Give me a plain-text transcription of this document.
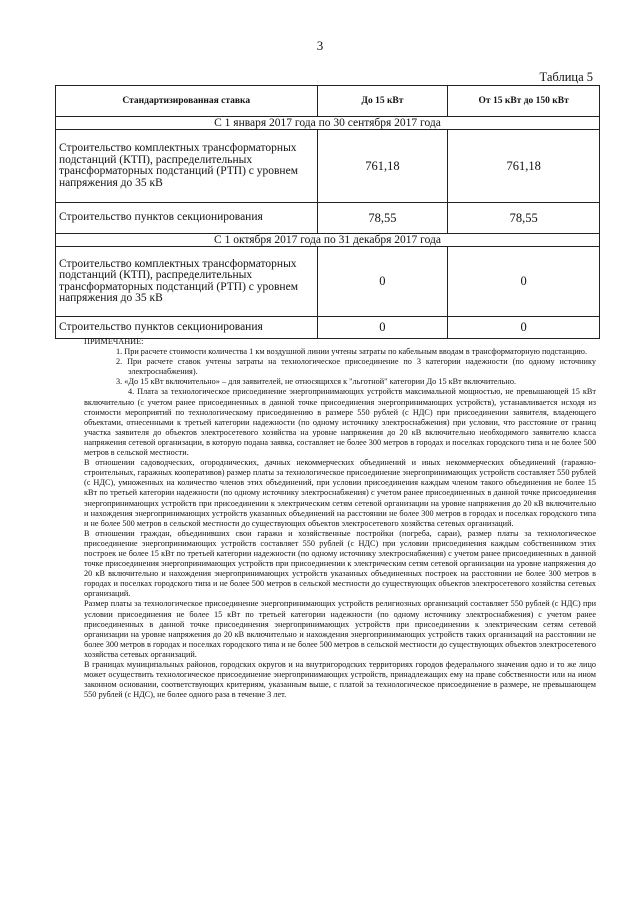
3
Таблица 5
Стандартизированная ставка	До 15 кВт	От 15 кВт до 150 кВт
С 1 января 2017 года по 30 сентября 2017 года		
Строительство комплектных трансформаторных подстанций (КТП), распределительных трансформаторных подстанций (РТП) с уровнем напряжения до 35 кВ	761,18	761,18
Строительство пунктов секционирования	78,55	78,55
С 1 октября 2017 года по 31 декабря 2017 года		
Строительство комплектных трансформаторных подстанций (КТП), распределительных трансформаторных подстанций (РТП) с уровнем напряжения до 35 кВ	0	0
Строительство пунктов секционирования	0	0

ПРИМЕЧАНИЕ:

1. При расчете стоимости количества 1 км воздушной линии учтены затраты по кабельным вводам в трансформаторную подстанцию.

2. При расчете ставок учтены затраты на технологическое присоединение по 3 категории надежности (по одному источнику электроснабжения).

3. «До 15 кВт включительно» – для заявителей, не относящихся к "льготной" категории До 15 кВт включительно.

4. Плата за технологическое присоединение энергопринимающих устройств максимальной мощностью, не превышающей 15 кВт включительно (с учетом ранее присоединенных в данной точке присоединения энергопринимающих устройств), устанавливается исходя из стоимости мероприятий по технологическому присоединению в размере 550 рублей (с НДС) при присоединении заявителя, владеющего объектами, отнесенными к третьей категории надежности (по одному источнику электроснабжения) при условии, что расстояние от границ участка заявителя до объектов электросетевого хозяйства на уровне напряжения до 20 кВ включительно необходимого заявителю класса напряжения сетевой организации, в которую подана заявка, составляет не более 300 метров в городах и поселках городского типа и не более 500 метров в сельской местности.

В отношении садоводческих, огороднических, дачных некоммерческих объединений и иных некоммерческих объединений (гаражно-строительных, гаражных кооперативов) размер платы за технологическое присоединение энергопринимающих устройств составляет 550 рублей (с НДС), умноженных на количество членов этих объединений, при условии присоединения каждым членом такого объединения не более 15 кВт по третьей категории надежности (по одному источнику электроснабжения) с учетом ранее присоединенных в данной точке присоединения энергопринимающих устройств при присоединении к электрическим сетям сетевой организации на уровне напряжения до 20 кВ включительно и нахождения энергопринимающих устройств указанных объединений на расстоянии не более 300 метров в городах и поселках городского типа и не более 500 метров в сельской местности до существующих объектов электросетевого хозяйства сетевых организаций.

В отношении граждан, объединивших свои гаражи и хозяйственные постройки (погреба, сараи), размер платы за технологическое присоединение энергопринимающих устройств составляет 550 рублей (с НДС) при условии присоединения каждым собственником этих построек не более 15 кВт по третьей категории надежности (по одному источнику электроснабжения) с учетом ранее присоединенных в данной точке присоединения энергопринимающих устройств при присоединении к электрическим сетям сетевой организации на уровне напряжения до 20 кВ включительно и нахождения энергопринимающих устройств указанных объединенных построек на расстоянии не более 300 метров в городах и поселках городского типа и не более 500 метров в сельской местности до существующих объектов электросетевого хозяйства сетевых организаций.

Размер платы за технологическое присоединение энергопринимающих устройств религиозных организаций составляет 550 рублей (с НДС) при условии присоединения не более 15 кВт по третьей категории надежности (по одному источнику электроснабжения) с учетом ранее присоединенных в данной точке присоединения энергопринимающих устройств при присоединении к электрическим сетям сетевой организации на уровне напряжения до 20 кВ включительно и нахождения энергопринимающих устройств таких организаций на расстоянии не более 300 метров в городах и поселках городского типа и не более 500 метров в сельской местности до существующих объектов электросетевого хозяйства сетевых организаций.

В границах муниципальных районов, городских округов и на внутригородских территориях городов федерального значения одно и то же лицо может осуществить технологическое присоединение энергопринимающих устройств, принадлежащих ему на праве собственности или на ином законном основании, соответствующих критериям, указанным выше, с платой за технологическое присоединение в размере, не превышающем 550 рублей (с НДС), не более одного раза в течение 3 лет.
